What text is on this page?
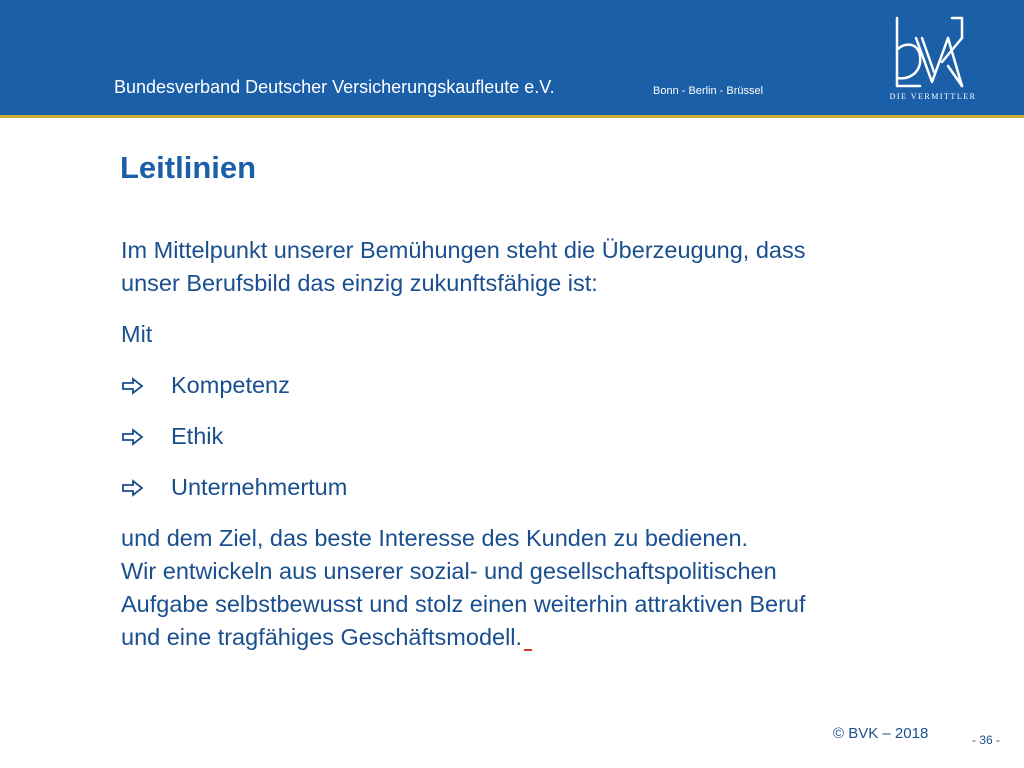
Bundesverband Deutscher Versicherungskaufleute e.V.	Bonn - Berlin - Brüssel	DIE VERMITTLER
Leitlinien

Im Mittelpunkt unserer Bemühungen steht die Überzeugung, dass

unser Berufsbild das einzig zukunftsfähige ist:

Mit

Kompetenz
Ethik
Unternehmertum

und dem Ziel, das beste Interesse des Kunden zu bedienen.

Wir entwickeln aus unserer sozial- und gesellschaftspolitischen

Aufgabe selbstbewusst und stolz einen weiterhin attraktiven Beruf

und eine tragfähiges Geschäftsmodell.

© BVK – 2018	- 36 -
